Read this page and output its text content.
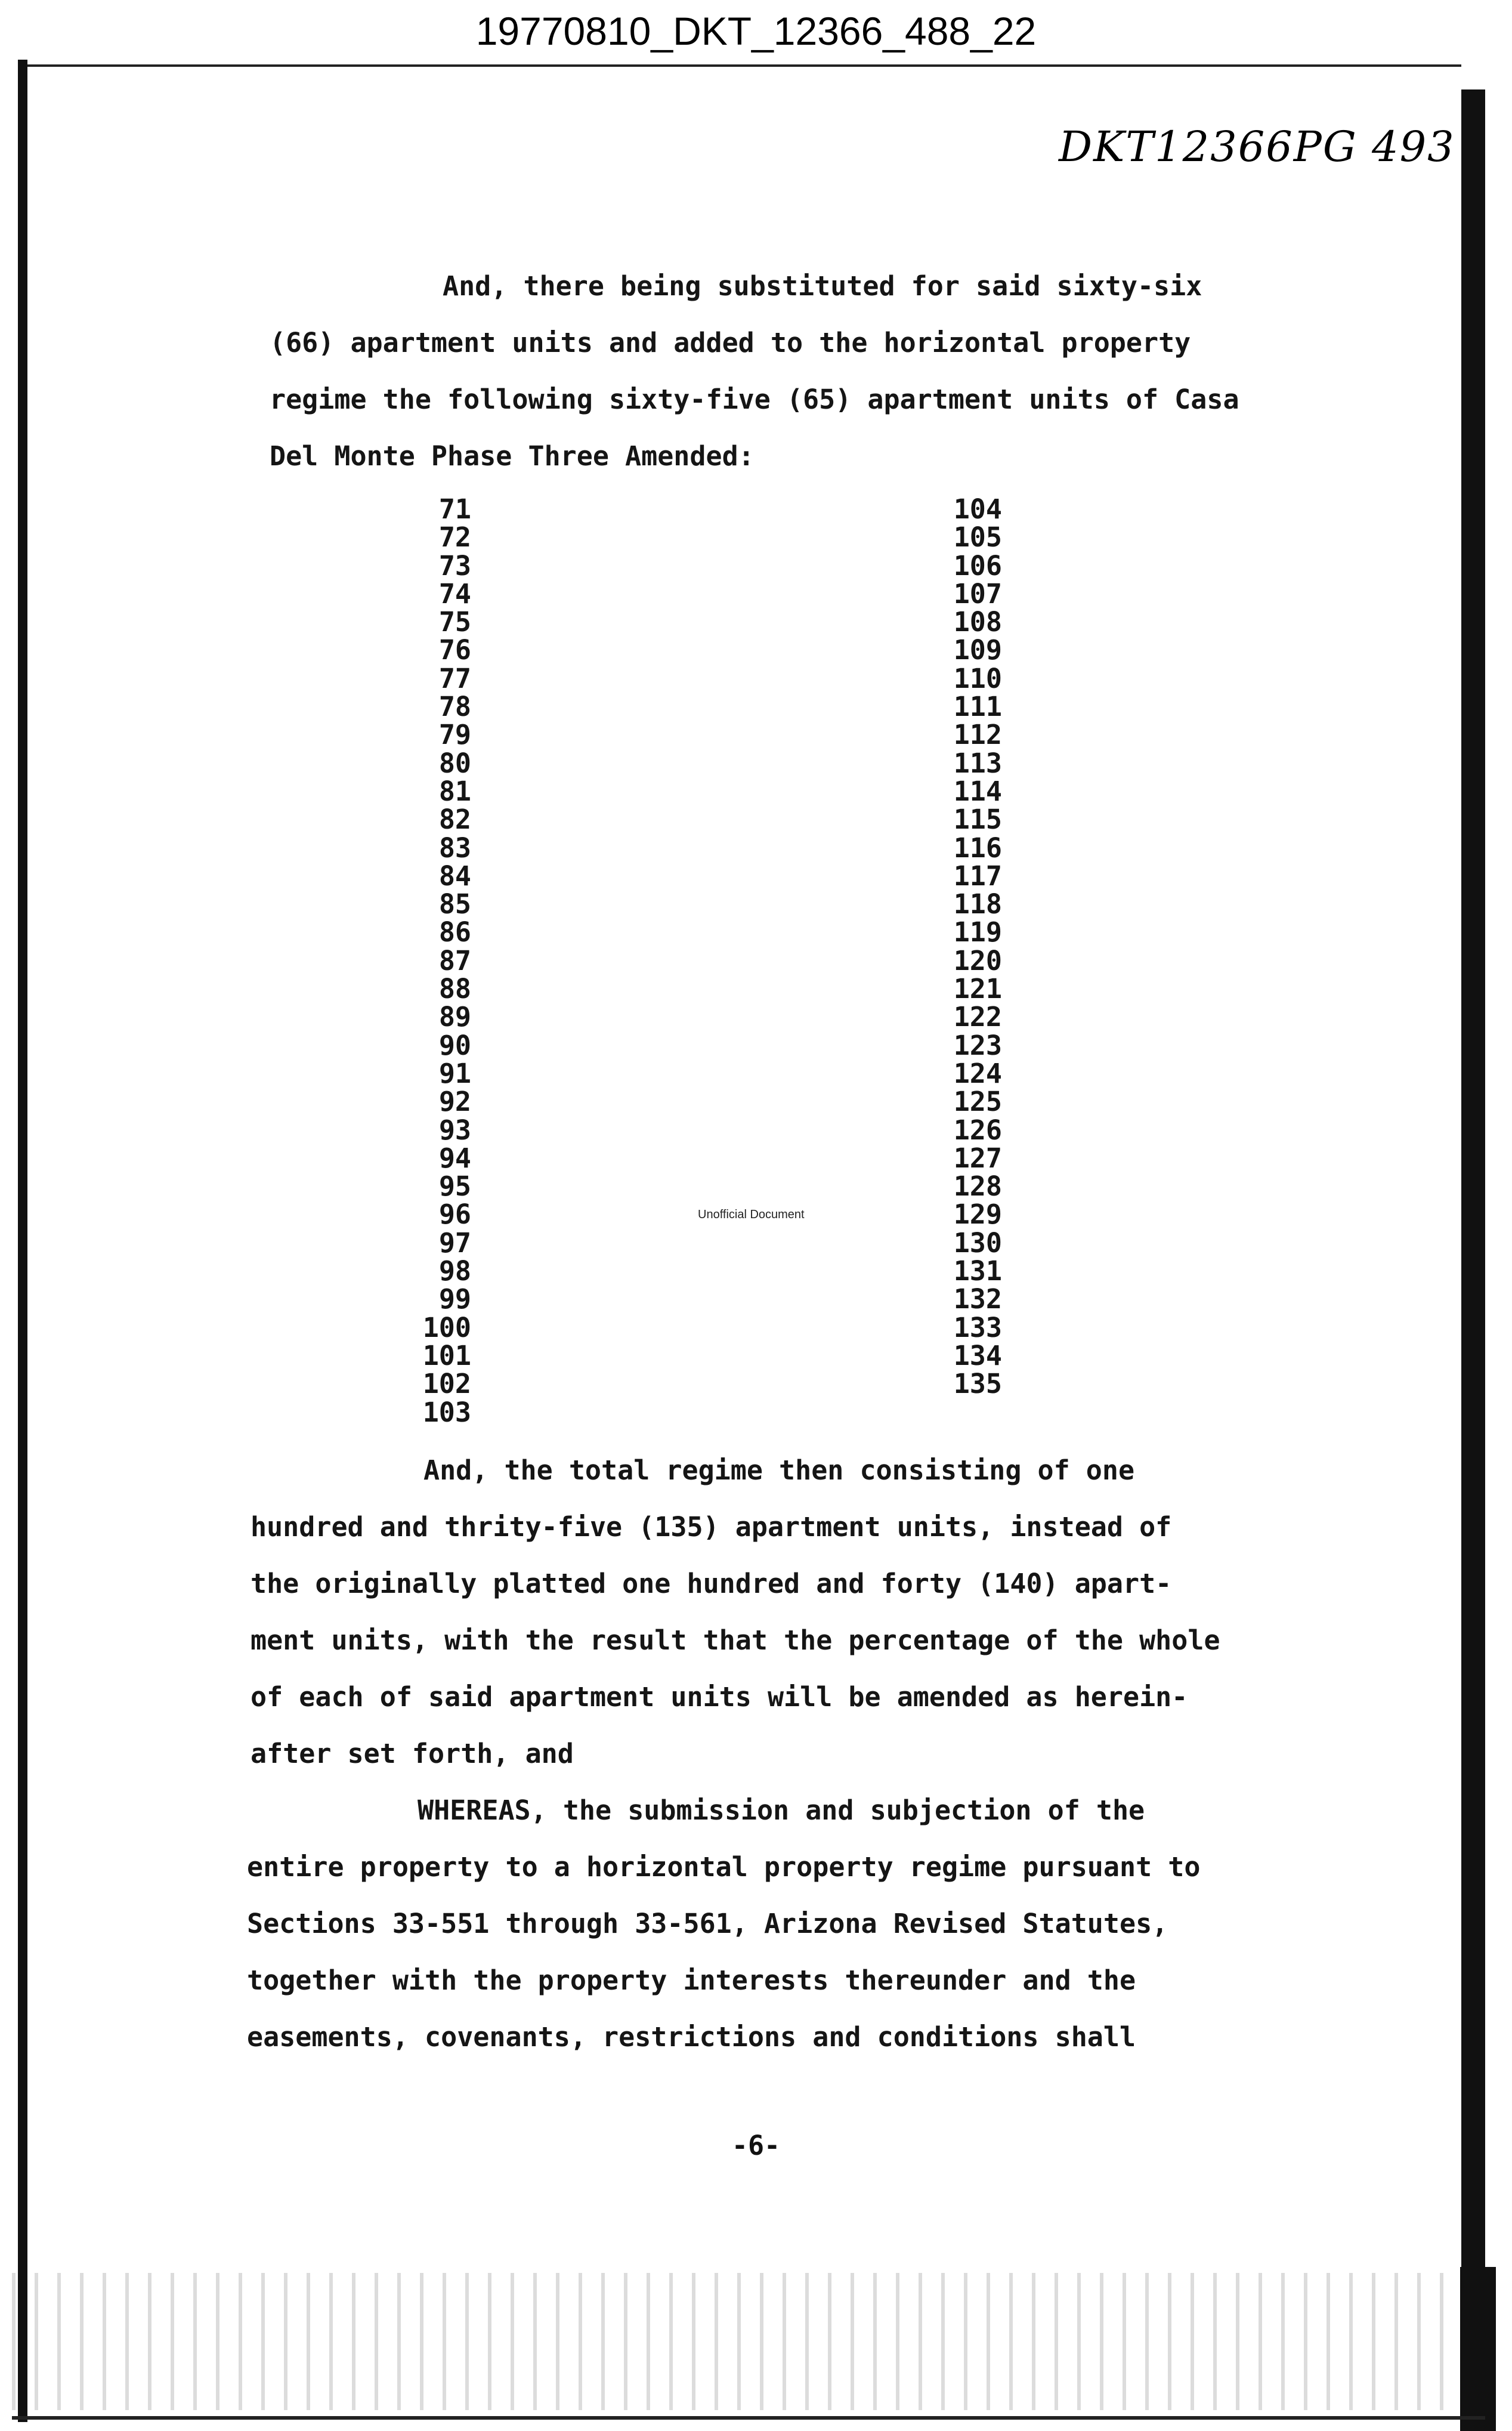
19770810_DKT_12366_488_22
DKT12366PG 493
And, there being substituted for said sixty-six
(66) apartment units and added to the horizontal property
regime the following sixty-five (65) apartment units of Casa
Del Monte Phase Three Amended:
71
72
73
74
75
76
77
78
79
80
81
82
83
84
85
86
87
88
89
90
91
92
93
94
95
96
97
98
99
100
101
102
103
104
105
106
107
108
109
110
111
112
113
114
115
116
117
118
119
120
121
122
123
124
125
126
127
128
129
130
131
132
133
134
135
Unofficial Document
And, the total regime then consisting of one
hundred and thrity-five (135) apartment units, instead of
the originally platted one hundred and forty (140) apart-
ment units, with the result that the percentage of the whole
of each of said apartment units will be amended as herein-
after set forth, and
WHEREAS, the submission and subjection of the
entire property to a horizontal property regime pursuant to
Sections 33-551 through 33-561, Arizona Revised Statutes,
together with the property interests thereunder and the
easements, covenants, restrictions and conditions shall
-6-
